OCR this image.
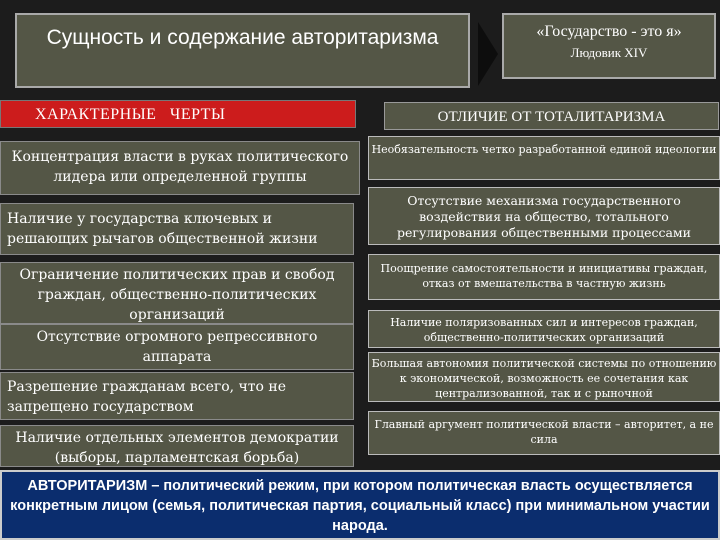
Сущность и содержание авторитаризма	«Государство - это я»
Людовик XIV
ХАРАКТЕРНЫЕ   ЧЕРТЫ	ОТЛИЧИЕ ОТ ТОТАЛИТАРИЗМА
Концентрация власти в руках политического лидера или определенной группы
Наличие у государства ключевых и решающих рычагов общественной жизни
Ограничение политических прав и свобод граждан, общественно-политических организаций
Отсутствие огромного репрессивного аппарата
Разрешение гражданам всего, что не запрещено государством
Наличие отдельных элементов демократии (выборы, парламентская борьба)
Необязательность четко разработанной единой идеологии
Отсутствие механизма государственного воздействия на общество, тотального регулирования общественными процессами
Поощрение самостоятельности и инициативы граждан, отказ от вмешательства в частную жизнь
Наличие поляризованных сил и интересов граждан, общественно-политических организаций
Большая автономия политической системы по отношению к экономической, возможность ее сочетания как централизованной, так и с рыночной
Главный аргумент политической власти – авторитет, а не сила
АВТОРИТАРИЗМ – политический режим, при котором политическая власть осуществляется конкретным лицом (семья, политическая партия, социальный класс) при минимальном участии народа.
